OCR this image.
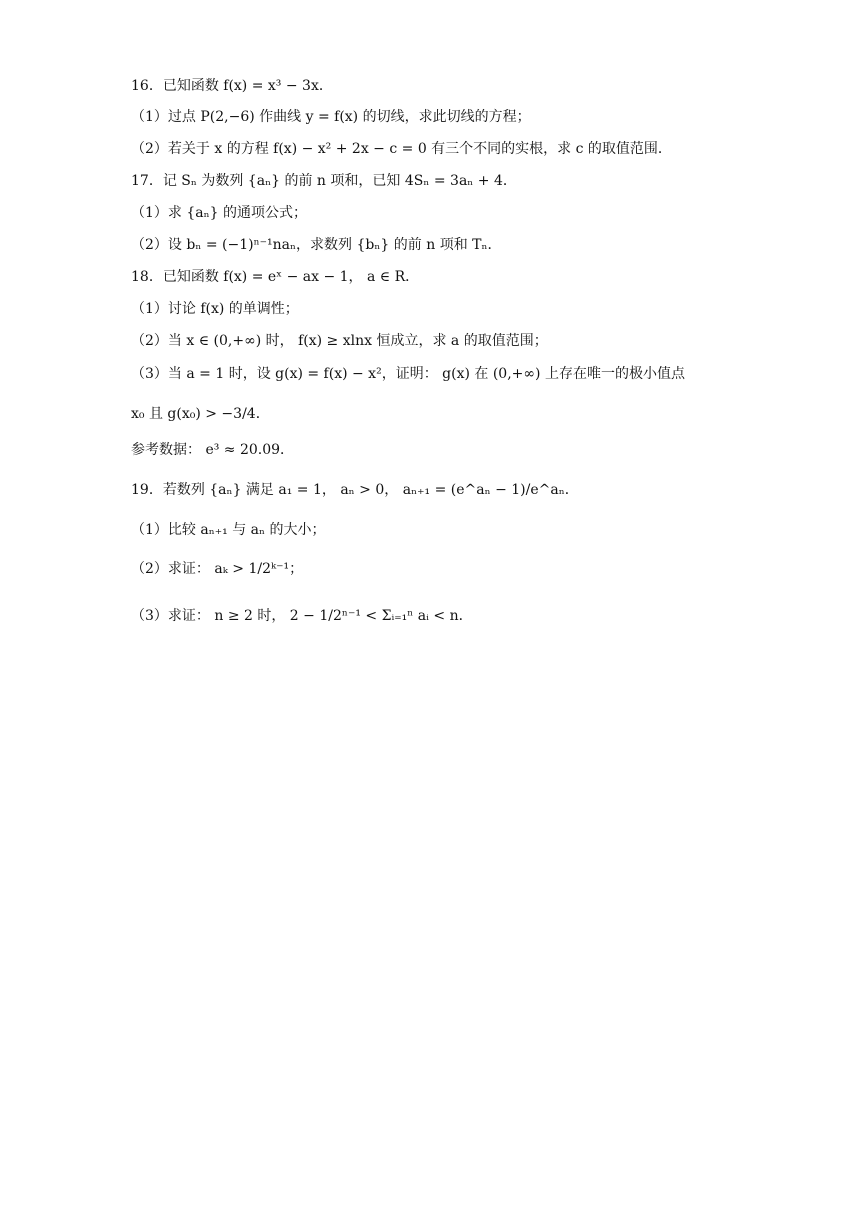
16．已知函数 f(x) = x³ − 3x．
（1）过点 P(2,−6) 作曲线 y = f(x) 的切线，求此切线的方程；
（2）若关于 x 的方程 f(x) − x² + 2x − c = 0 有三个不同的实根，求 c 的取值范围．
17．记 Sₙ 为数列 {aₙ} 的前 n 项和，已知 4Sₙ = 3aₙ + 4．
（1）求 {aₙ} 的通项公式；
（2）设 bₙ = (−1)ⁿ⁻¹naₙ，求数列 {bₙ} 的前 n 项和 Tₙ．
18．已知函数 f(x) = eˣ − ax − 1， a ∈ R．
（1）讨论 f(x) 的单调性；
（2）当 x ∈ (0,+∞) 时， f(x) ≥ xlnx 恒成立，求 a 的取值范围；
（3）当 a = 1 时，设 g(x) = f(x) − x²，证明： g(x) 在 (0,+∞) 上存在唯一的极小值点
x₀ 且 g(x₀) > −3/4．
参考数据： e³ ≈ 20.09．
19．若数列 {aₙ} 满足 a₁ = 1， aₙ > 0， aₙ₊₁ = (e^aₙ − 1)/e^aₙ．
（1）比较 aₙ₊₁ 与 aₙ 的大小；
（2）求证： aₖ > 1/2ᵏ⁻¹；
（3）求证： n ≥ 2 时， 2 − 1/2ⁿ⁻¹ < Σᵢ₌₁ⁿ aᵢ < n．
